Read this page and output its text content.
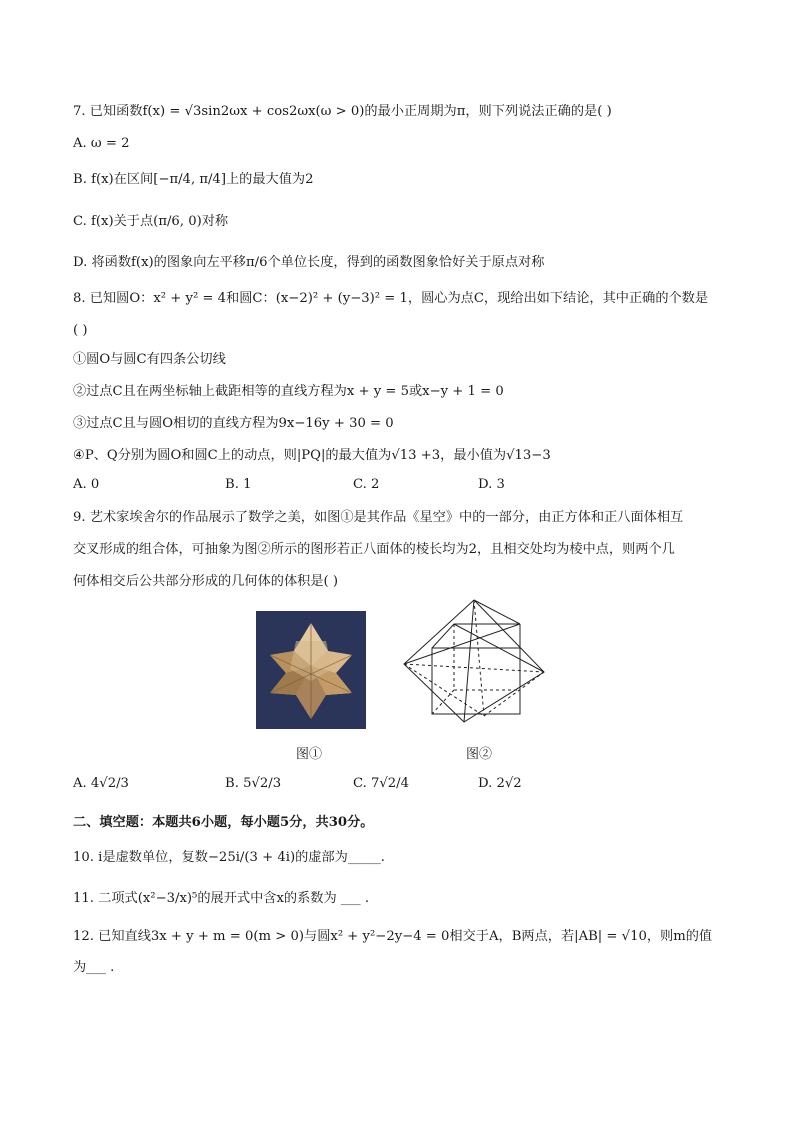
7. 已知函数f(x) = √3sin2ωx + cos2ωx(ω > 0)的最小正周期为π，则下列说法正确的是( )
A. ω = 2
B. f(x)在区间[−π/4, π/4]上的最大值为2
C. f(x)关于点(π/6, 0)对称
D. 将函数f(x)的图象向左平移π/6个单位长度，得到的函数图象恰好关于原点对称
8. 已知圆O：x² + y² = 4和圆C：(x−2)² + (y−3)² = 1，圆心为点C，现给出如下结论，其中正确的个数是
( )
①圆O与圆C有四条公切线
②过点C且在两坐标轴上截距相等的直线方程为x + y = 5或x−y + 1 = 0
③过点C且与圆O相切的直线方程为9x−16y + 30 = 0
④P、Q分别为圆O和圆C上的动点，则|PQ|的最大值为√13 +3，最小值为√13−3
A. 0	B. 1	C. 2	D. 3
9. 艺术家埃舍尔的作品展示了数学之美，如图①是其作品《星空》中的一部分，由正方体和正八面体相互
交叉形成的组合体，可抽象为图②所示的图形若正八面体的棱长均为2，且相交处均为棱中点，则两个几
何体相交后公共部分形成的几何体的体积是( )
图①	图②
A. 4√2/3	B. 5√2/3	C. 7√2/4	D. 2√2
二、填空题：本题共6小题，每小题5分，共30分。
10. i是虚数单位，复数−25i/(3 + 4i)的虚部为_____.
11. 二项式(x²−3/x)⁵的展开式中含x的系数为 ___ .
12. 已知直线3x + y + m = 0(m > 0)与圆x² + y²−2y−4 = 0相交于A，B两点，若|AB| = √10，则m的值
为___ .
